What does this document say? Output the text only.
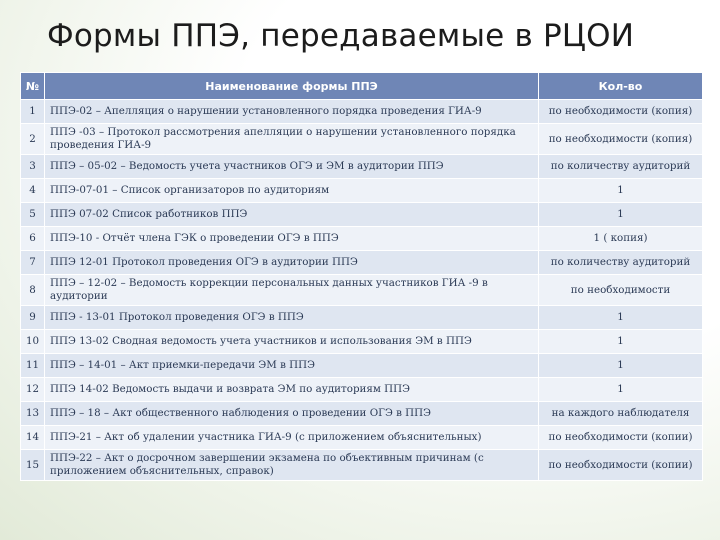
Формы ППЭ, передаваемые в РЦОИ
№	Наименование формы ППЭ	Кол-во
1	ППЭ-02 – Апелляция о нарушении установленного порядка проведения ГИА-9	по необходимости (копия)
2	ППЭ -03 – Протокол рассмотрения апелляции о нарушении установленного порядка проведения ГИА-9	по необходимости (копия)
3	ППЭ – 05-02 – Ведомость учета участников ОГЭ и ЭМ в аудитории ППЭ	по количеству аудиторий
4	ППЭ-07-01 – Список организаторов по аудиториям	1
5	ППЭ 07-02 Список работников ППЭ	1
6	ППЭ-10 - Отчёт члена ГЭК о проведении ОГЭ в ППЭ	1 ( копия)
7	ППЭ 12-01 Протокол проведения ОГЭ в аудитории ППЭ	по количеству аудиторий
8	ППЭ – 12-02 – Ведомость коррекции персональных данных участников ГИА -9 в аудитории	по необходимости
9	ППЭ - 13-01 Протокол проведения ОГЭ в ППЭ	1
10	ППЭ 13-02 Сводная ведомость учета участников и использования ЭМ в ППЭ	1
11	ППЭ – 14-01 – Акт приемки-передачи ЭМ в ППЭ	1
12	ППЭ 14-02 Ведомость выдачи и возврата ЭМ по аудиториям ППЭ	1
13	ППЭ – 18 – Акт общественного наблюдения о проведении ОГЭ в ППЭ	на каждого наблюдателя
14	ППЭ-21 – Акт об удалении участника ГИА-9 (с приложением объяснительных)	по необходимости (копии)
15	ППЭ-22 – Акт о досрочном завершении экзамена по объективным причинам (с приложением объяснительных, справок)	по необходимости (копии)
